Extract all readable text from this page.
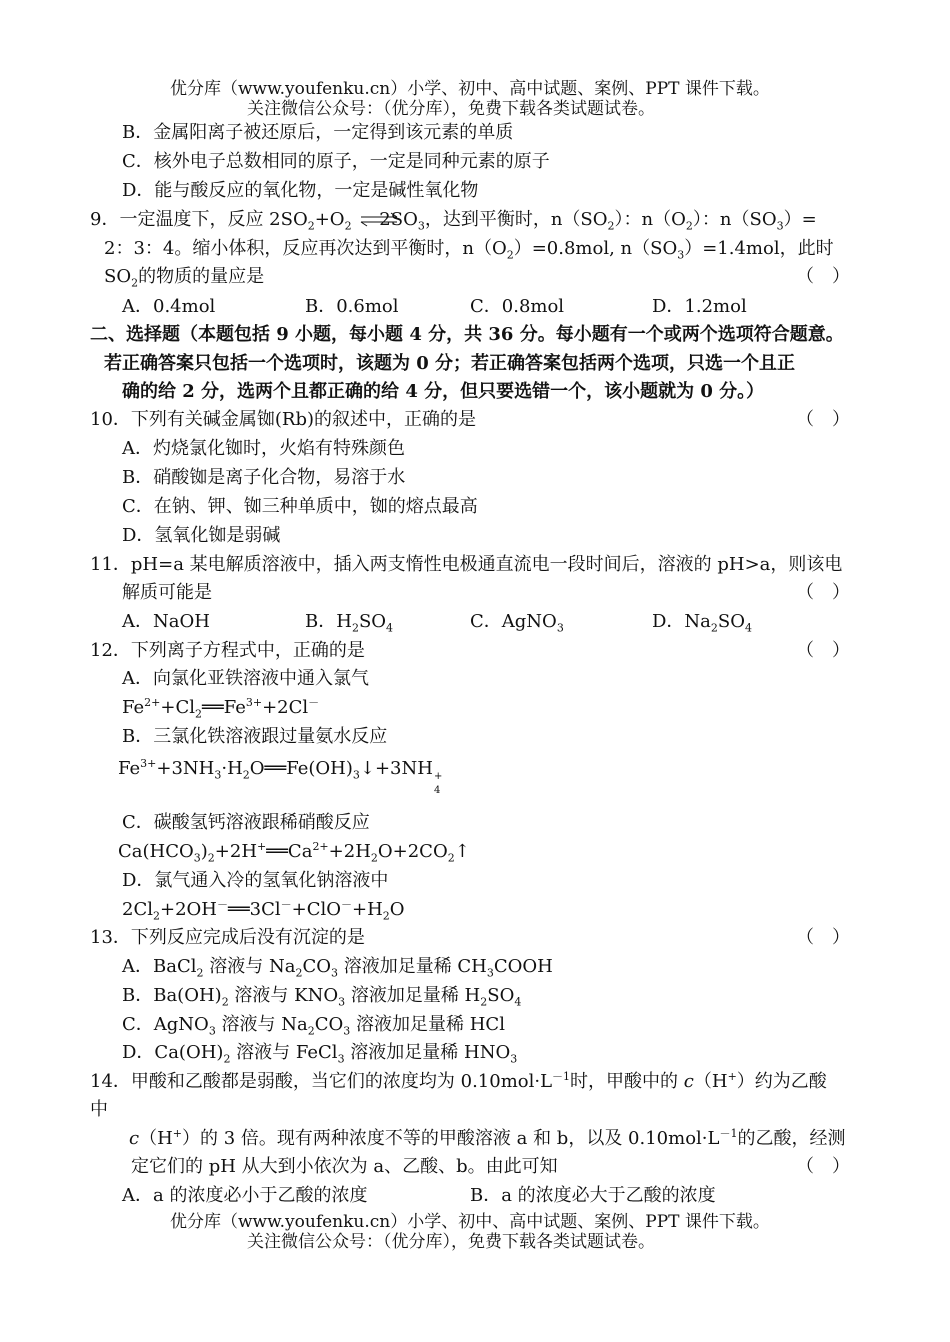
优分库（www.youfenku.cn）小学、初中、高中试题、案例、PPT 课件下载。
关注微信公众号：（优分库），免费下载各类试题试卷。
B．金属阳离子被还原后，一定得到该元素的单质
C．核外电子总数相同的原子，一定是同种元素的原子
D．能与酸反应的氧化物，一定是碱性氧化物
9．一定温度下，反应 $2SO_2+O_2$ $\rightleftharpoons 2SO_3$，达到平衡时，$n(SO_2)$：$n(O_2)$：$n(SO_3)=$
2：3：4。缩小体积，反应再次达到平衡时，$n(O_2)=0.8mol$, $n(SO_3)=1.4mol$，此时
$SO_2$的物质的量应是	（　）
A．0.4mol	B．0.6mol	C．0.8mol	D．1.2mol
二、选择题（本题包括 9 小题，每小题 4 分，共 36 分。每小题有一个或两个选项符合题意。
若正确答案只包括一个选项时，该题为 0 分；若正确答案包括两个选项，只选一个且正
确的给 2 分，选两个且都正确的给 4 分，但只要选错一个，该小题就为 0 分。）
10．下列有关碱金属铷(Rb)的叙述中，正确的是	（　）
A．灼烧氯化铷时，火焰有特殊颜色
B．硝酸铷是离子化合物，易溶于水
C．在钠、钾、铷三种单质中，铷的熔点最高
D．氢氧化铷是弱碱
11．pH=a 某电解质溶液中，插入两支惰性电极通直流电一段时间后，溶液的 pH>a，则该电
解质可能是	（　）
A．NaOH	B．$H_2SO_4$	C．AgNO$_3$	D．$Na_2SO_4$
12．下列离子方程式中，正确的是	（　）
A．向氯化亚铁溶液中通入氯气
$Fe^{2+}+Cl_2══Fe^{3+}+2Cl^-$
B．三氯化铁溶液跟过量氨水反应
$Fe^{3+}+3NH_3\cdot H_2O══Fe(OH)_3↓+3NH$ +
4
C．碳酸氢钙溶液跟稀硝酸反应
$Ca(HCO_3)_2+2H^+══Ca^{2+}+2H_2O+2CO_2↑$
D．氯气通入冷的氢氧化钠溶液中
$2Cl_2+2OH^-══3Cl^-+ClO^-+H_2O$
13．下列反应完成后没有沉淀的是	（　）
A．BaCl$_2$ 溶液与 $Na_2CO_3$ 溶液加足量稀 $CH_3COOH$
B．$Ba(OH)_2$ 溶液与 $KNO_3$ 溶液加足量稀 $H_2SO_4$
C．AgNO$_3$ 溶液与 $Na_2CO_3$ 溶液加足量稀 HCl
D．$Ca(OH)_2$ 溶液与 FeCl$_3$ 溶液加足量稀 $HNO_3$
14．甲酸和乙酸都是弱酸，当它们的浓度均为 $0.10mol\cdot L^{-1}$时，甲酸中的 c（H+）约为乙酸
中
c（H+）的 3 倍。现有两种浓度不等的甲酸溶液 a 和 b，以及 $0.10mol\cdot L^{-1}$的乙酸，经测
定它们的 pH 从大到小依次为 a、乙酸、b。由此可知	（　）
A．a 的浓度必小于乙酸的浓度	B．a 的浓度必大于乙酸的浓度
优分库（www.youfenku.cn）小学、初中、高中试题、案例、PPT 课件下载。
关注微信公众号：（优分库），免费下载各类试题试卷。
